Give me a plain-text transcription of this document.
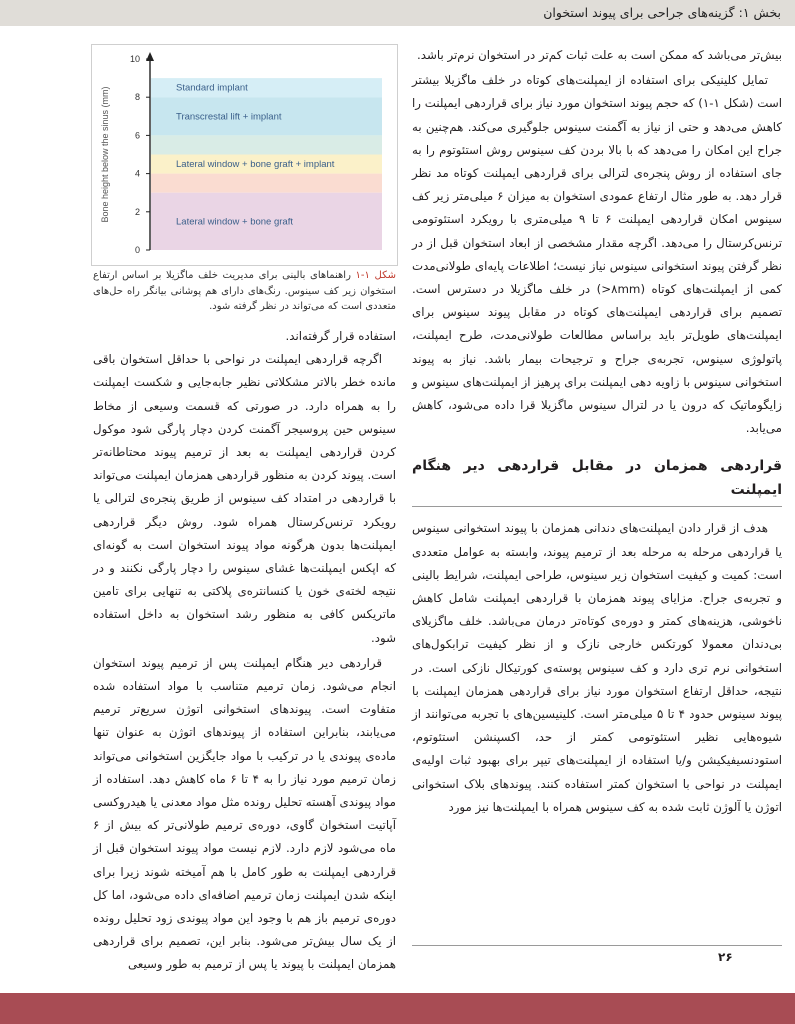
بخش ۱: گزینه‌های جراحی برای پیوند استخوان

بیش‌تر می‌باشد که ممکن است به علت ثبات کم‌تر در استخوان نرم‌تر باشد.

تمایل کلینیکی برای استفاده از ایمپلنت‌های کوتاه در خلف ماگزیلا بیشتر است (شکل ۱-۱) که حجم پیوند استخوان مورد نیاز برای قراردهی ایمپلنت را کاهش می‌دهد و حتی از نیاز به آگمنت سینوس جلوگیری می‌کند. هم‌چنین به جراح این امکان را می‌دهد که با بالا بردن کف سینوس روش استئوتوم را به جای استفاده از روش پنجره‌ی لترالی برای قراردهی ایمپلنت کوتاه مد نظر قرار دهد. به طور مثال ارتفاع عمودی استخوان به میزان ۶ میلی‌متر زیر کف سینوس امکان قراردهی ایمپلنت ۶ تا ۹ میلی‌متری با رویکرد استئوتومی ترنس‌کرستال را می‌دهد. اگرچه مقدار مشخصی از ابعاد استخوان قبل از در نظر گرفتن پیوند استخوانی سینوس نیاز نیست؛ اطلاعات پایه‌ای طولانی‌مدت کمی از ایمپلنت‌های کوتاه (‎>۸mm‎) در خلف ماگزیلا در دسترس است. تصمیم برای قراردهی ایمپلنت‌های کوتاه در مقابل پیوند سینوس برای ایمپلنت‌های طویل‌تر باید براساس مطالعات طولانی‌مدت، طرح ایمپلنت، پاتولوژی سینوس، تجربه‌ی جراح و ترجیحات بیمار باشد. نیاز به پیوند استخوانی سینوس با زاویه دهی ایمپلنت برای پرهیز از ایمپلنت‌های سینوس و زایگوماتیک که درون یا در لترال سینوس ماگزیلا قرا داده می‌شود، کاهش می‌یابد.

قراردهی همزمان در مقابل قراردهی دیر هنگام ایمپلنت

هدف از قرار دادن ایمپلنت‌های دندانی همزمان با پیوند استخوانی سینوس یا قراردهی مرحله به مرحله بعد از ترمیم پیوند، وابسته به عوامل متعددی است: کمیت و کیفیت استخوان زیر سینوس، طراحی ایمپلنت، شرایط بالینی و تجربه‌ی جراح. مزایای پیوند همزمان با قراردهی ایمپلنت شامل کاهش ناخوشی، هزینه‌های کمتر و دوره‌ی کوتاه‌تر درمان می‌باشد. خلف ماگزیلای بی‌دندان معمولا کورتکس خارجی نازک و از نظر کیفیت ترابکول‌های استخوانی نرم تری دارد و کف سینوس پوسته‌ی کورتیکال نازکی است. در نتیجه، حداقل ارتفاع استخوان مورد نیاز برای قراردهی همزمان ایمپلنت با پیوند سینوس حدود ۴ تا ۵ میلی‌متر است. کلینیسین‌های با تجربه می‌توانند از شیوه‌هایی نظیر استئوتومی کمتر از حد، اکسپنشن استئوتوم، استودنسیفیکیشن و/یا استفاده از ایمپلنت‌های تیپر برای بهبود ثبات اولیه‌ی ایمپلنت در نواحی با استخوان کمتر استفاده کنند. پیوندهای بلاک استخوانی اتوژن یا آلوژن ثابت شده به کف سینوس همراه با ایمپلنت‌ها نیز مورد

Standard implant
Transcrestal lift + implant
Lateral window + bone graft + implant
Lateral window + bone graft
0
2
4
6
8
10
Bone height below the sinus (mm)
شکل ۱-۱ راهنماهای بالینی برای مدیریت خلف ماگزیلا بر اساس ارتفاع استخوان زیر کف سینوس. رنگ‌های دارای هم پوشانی بیانگر راه حل‌های متعددی است که می‌تواند در نظر گرفته شود.

استفاده قرار گرفته‌اند.

اگرچه قراردهی ایمپلنت در نواحی با حداقل استخوان باقی مانده خطر بالاتر مشکلاتی نظیر جابه‌جایی و شکست ایمپلنت را به همراه دارد. در صورتی که قسمت وسیعی از مخاط سینوس حین پروسیجر آگمنت کردن دچار پارگی شود موکول کردن قراردهی ایمپلنت به بعد از ترمیم پیوند محتاطانه‌تر است. پیوند کردن به منظور قراردهی همزمان ایمپلنت می‌تواند با قراردهی در امتداد کف سینوس از طریق پنجره‌ی لترالی یا رویکرد ترنس‌کرستال همراه شود. روش دیگر قراردهی ایمپلنت‌ها بدون هرگونه مواد پیوند استخوان است به گونه‌ای که اپکس ایمپلنت‌ها غشای سینوس را دچار پارگی نکنند و در نتیجه لخته‌ی خون یا کنسانتره‌ی پلاکتی به تنهایی برای تامین ماتریکس کافی به منظور رشد استخوان به داخل استفاده شود.

قراردهی دیر هنگام ایمپلنت پس از ترمیم پیوند استخوان انجام می‌شود. زمان ترمیم متناسب با مواد استفاده شده متفاوت است. پیوندهای استخوانی اتوژن سریع‌تر ترمیم می‌یابند، بنابراین استفاده از پیوندهای اتوژن به عنوان تنها ماده‌ی پیوندی یا در ترکیب با مواد جایگزین استخوانی می‌تواند زمان ترمیم مورد نیاز را به ۴ تا ۶ ماه کاهش دهد. استفاده از مواد پیوندی آهسته تحلیل رونده مثل مواد معدنی یا هیدروکسی آپاتیت استخوان گاوی، دوره‌ی ترمیم طولانی‌تر که بیش از ۶ ماه می‌شود لازم دارد. لازم نیست مواد پیوند استخوان قبل از قراردهی ایمپلنت به طور کامل با هم آمیخته شوند زیرا برای اینکه شدن ایمپلنت زمان ترمیم اضافه‌ای داده می‌شود، اما کل دوره‌ی ترمیم باز هم با وجود این مواد پیوندی زود تحلیل رونده از یک سال بیش‌تر می‌شود. بنابر این، تصمیم برای قراردهی همزمان ایمپلنت با پیوند یا پس از ترمیم به طور وسیعی

۲۶
